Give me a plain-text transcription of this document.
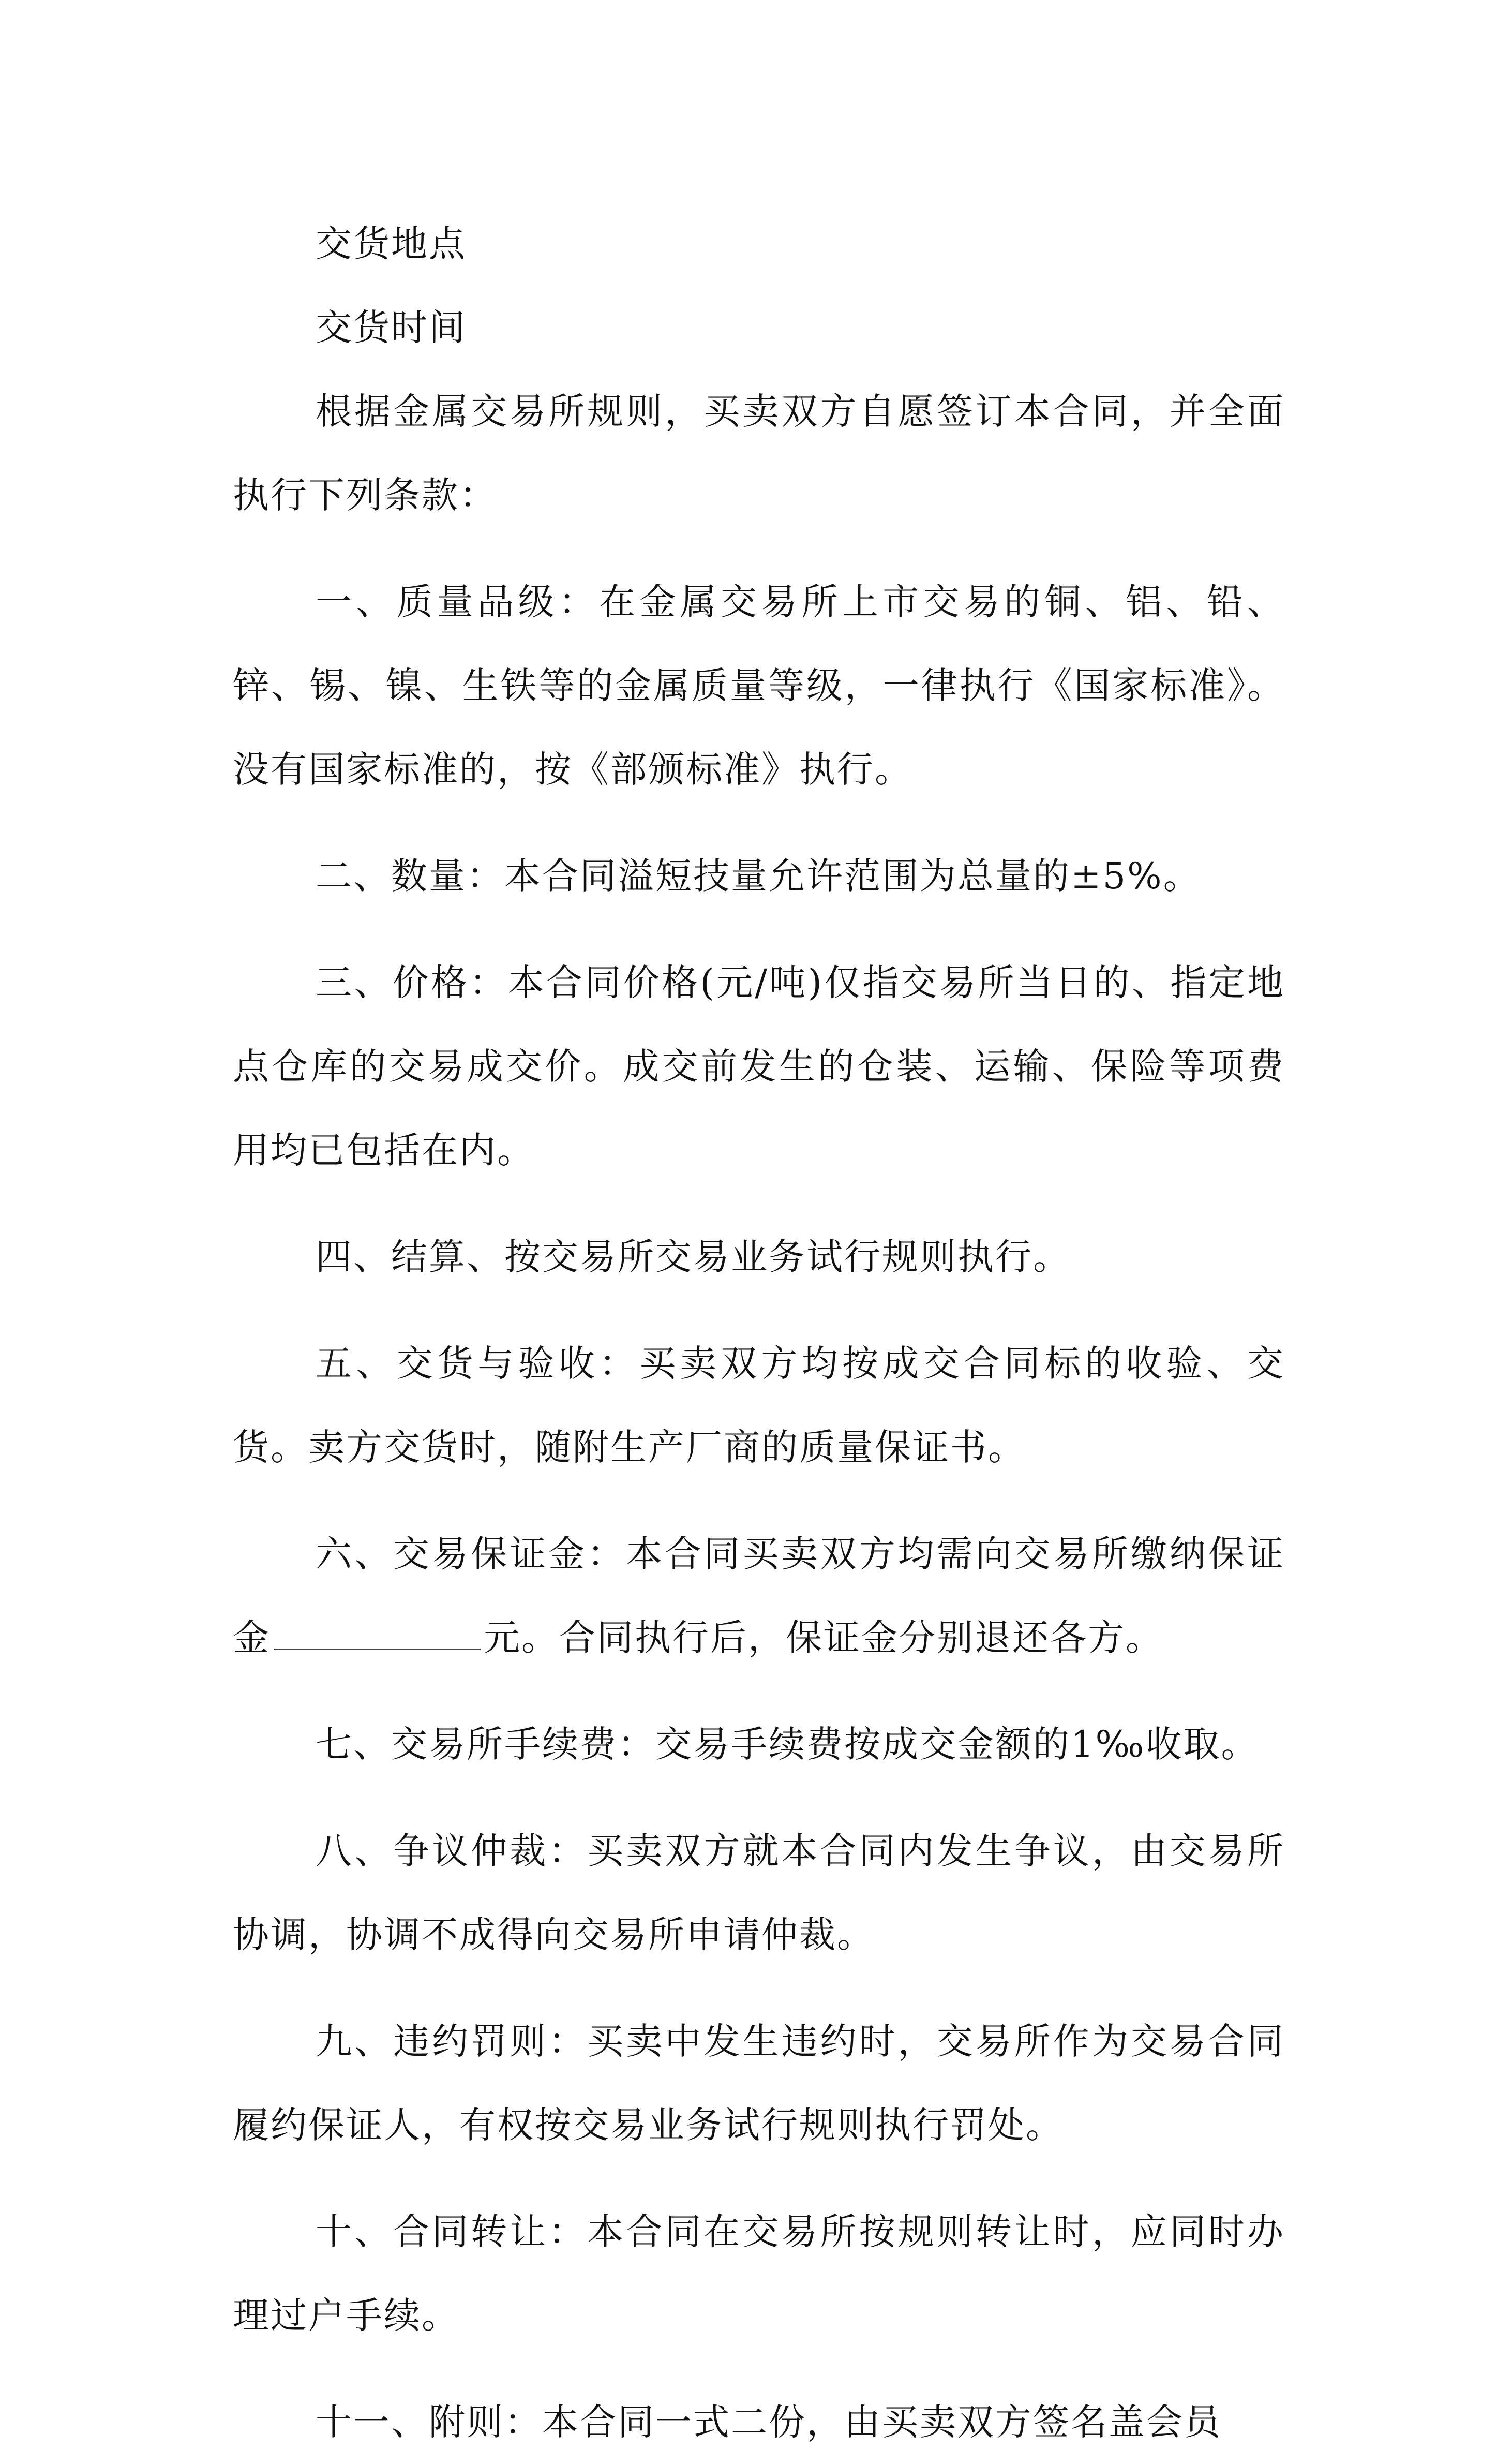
交货地点

交货时间

根据金属交易所规则，买卖双方自愿签订本合同，并全面执行下列条款：

一、质量品级：在金属交易所上市交易的铜、铝、铅、锌、锡、镍、生铁等的金属质量等级，一律执行《国家标准》。没有国家标准的，按《部颁标准》执行。

二、数量：本合同溢短技量允许范围为总量的±5%。

三、价格：本合同价格(元/吨)仅指交易所当日的、指定地点仓库的交易成交价。成交前发生的仓装、运输、保险等项费用均已包括在内。

四、结算、按交易所交易业务试行规则执行。

五、交货与验收：买卖双方均按成交合同标的收验、交货。卖方交货时，随附生产厂商的质量保证书。

六、交易保证金：本合同买卖双方均需向交易所缴纳保证金	元。合同执行后，保证金分别退还各方。

七、交易所手续费：交易手续费按成交金额的1‰收取。

八、争议仲裁：买卖双方就本合同内发生争议，由交易所协调，协调不成得向交易所申请仲裁。

九、违约罚则：买卖中发生违约时，交易所作为交易合同履约保证人，有权按交易业务试行规则执行罚处。

十、合同转让：本合同在交易所按规则转让时，应同时办理过户手续。

十一、附则：本合同一式二份，由买卖双方签名盖会员
